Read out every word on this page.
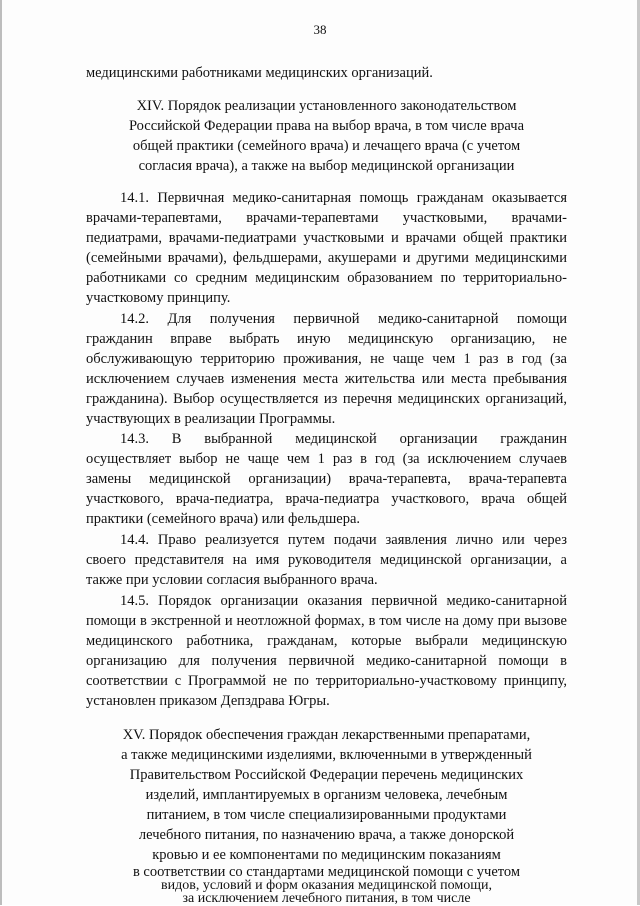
38
медицинскими работниками медицинских организаций.
XIV. Порядок реализации установленного законодательством
Российской Федерации права на выбор врача, в том числе врача
общей практики (семейного врача) и лечащего врача (с учетом
согласия врача), а также на выбор медицинской организации
14.1. Первичная медико-санитарная помощь гражданам оказывается
врачами-терапевтами, врачами-терапевтами участковыми, врачами-
педиатрами, врачами-педиатрами участковыми и врачами общей практики
(семейными врачами), фельдшерами, акушерами и другими медицинскими
работниками со средним медицинским образованием по территориально-
участковому принципу.
14.2. Для получения первичной медико-санитарной помощи
гражданин вправе выбрать иную медицинскую организацию, не
обслуживающую территорию проживания, не чаще чем 1 раз в год (за
исключением случаев изменения места жительства или места пребывания
гражданина). Выбор осуществляется из перечня медицинских организаций,
участвующих в реализации Программы.
14.3. В выбранной медицинской организации гражданин
осуществляет выбор не чаще чем 1 раз в год (за исключением случаев
замены медицинской организации) врача-терапевта, врача-терапевта
участкового, врача-педиатра, врача-педиатра участкового, врача общей
практики (семейного врача) или фельдшера.
14.4. Право реализуется путем подачи заявления лично или через
своего представителя на имя руководителя медицинской организации, а
также при условии согласия выбранного врача.
14.5. Порядок организации оказания первичной медико-санитарной
помощи в экстренной и неотложной формах, в том числе на дому при вызове
медицинского работника, гражданам, которые выбрали медицинскую
организацию для получения первичной медико-санитарной помощи в
соответствии с Программой не по территориально-участковому принципу,
установлен приказом Депздрава Югры.
XV. Порядок обеспечения граждан лекарственными препаратами,
а также медицинскими изделиями, включенными в утвержденный
Правительством Российской Федерации перечень медицинских
изделий, имплантируемых в организм человека, лечебным
питанием, в том числе специализированными продуктами
лечебного питания, по назначению врача, а также донорской
кровью и ее компонентами по медицинским показаниям
в соответствии со стандартами медицинской помощи с учетом
видов, условий и форм оказания медицинской помощи,
за исключением лечебного питания, в том числе
